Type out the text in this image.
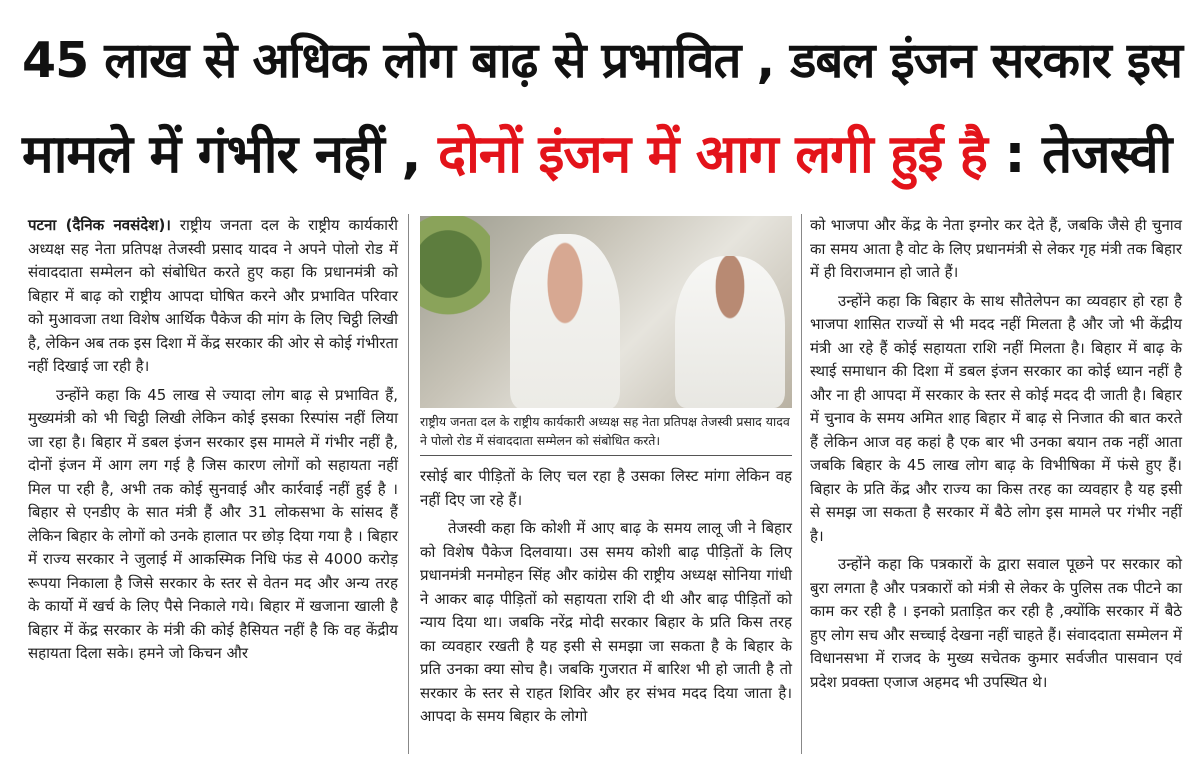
45 लाख से अधिक लोग बाढ़ से प्रभावित , डबल इंजन सरकार इस
मामले में गंभीर नहीं , दोनों इंजन में आग लगी हुई है : तेजस्वी

पटना (दैनिक नवसंदेश)। राष्ट्रीय जनता दल के राष्ट्रीय कार्यकारी अध्यक्ष सह नेता प्रतिपक्ष तेजस्वी प्रसाद यादव ने अपने पोलो रोड में संवाददाता सम्मेलन को संबोधित करते हुए कहा कि प्रधानमंत्री को बिहार में बाढ़ को राष्ट्रीय आपदा घोषित करने और प्रभावित परिवार को मुआवजा तथा विशेष आर्थिक पैकेज की मांग के लिए चिट्ठी लिखी है, लेकिन अब तक इस दिशा में केंद्र सरकार की ओर से कोई गंभीरता नहीं दिखाई जा रही है।

उन्होंने कहा कि 45 लाख से ज्यादा लोग बाढ़ से प्रभावित हैं, मुख्यमंत्री को भी चिट्ठी लिखी लेकिन कोई इसका रिस्पांस नहीं लिया जा रहा है। बिहार में डबल इंजन सरकार इस मामले में गंभीर नहीं है, दोनों इंजन में आग लग गई है जिस कारण लोगों को सहायता नहीं मिल पा रही है, अभी तक कोई सुनवाई और कार्रवाई नहीं हुई है । बिहार से एनडीए के सात मंत्री हैं और 31 लोकसभा के सांसद हैं लेकिन बिहार के लोगों को उनके हालात पर छोड़ दिया गया है । बिहार में राज्य सरकार ने जुलाई में आकस्मिक निधि फंड से 4000 करोड़ रूपया निकाला है जिसे सरकार के स्तर से वेतन मद और अन्य तरह के कार्यो में खर्च के लिए पैसे निकाले गये। बिहार में खजाना खाली है बिहार में केंद्र सरकार के मंत्री की कोई हैसियत नहीं है कि वह केंद्रीय सहायता दिला सके। हमने जो किचन और

राष्ट्रीय जनता दल के राष्ट्रीय कार्यकारी अध्यक्ष सह नेता प्रतिपक्ष तेजस्वी प्रसाद यादव ने पोलो रोड में संवाददाता सम्मेलन को संबोधित करते।

रसोई बार पीड़ितों के लिए चल रहा है उसका लिस्ट मांगा लेकिन वह नहीं दिए जा रहे हैं।

तेजस्वी कहा कि कोशी में आए बाढ़ के समय लालू जी ने बिहार को विशेष पैकेज दिलवाया। उस समय कोशी बाढ़ पीड़ितों के लिए प्रधानमंत्री मनमोहन सिंह और कांग्रेस की राष्ट्रीय अध्यक्ष सोनिया गांधी ने आकर बाढ़ पीड़ितों को सहायता राशि दी थी और बाढ़ पीड़ितों को न्याय दिया था। जबकि नरेंद्र मोदी सरकार बिहार के प्रति किस तरह का व्यवहार रखती है यह इसी से समझा जा सकता है के बिहार के प्रति उनका क्या सोच है। जबकि गुजरात में बारिश भी हो जाती है तो सरकार के स्तर से राहत शिविर और हर संभव मदद दिया जाता है। आपदा के समय बिहार के लोगो

को भाजपा और केंद्र के नेता इग्नोर कर देते हैं, जबकि जैसे ही चुनाव का समय आता है वोट के लिए प्रधानमंत्री से लेकर गृह मंत्री तक बिहार में ही विराजमान हो जाते हैं।

उन्होंने कहा कि बिहार के साथ सौतेलेपन का व्यवहार हो रहा है भाजपा शासित राज्यों से भी मदद नहीं मिलता है और जो भी केंद्रीय मंत्री आ रहे हैं कोई सहायता राशि नहीं मिलता है। बिहार में बाढ़ के स्थाई समाधान की दिशा में डबल इंजन सरकार का कोई ध्यान नहीं है और ना ही आपदा में सरकार के स्तर से कोई मदद दी जाती है। बिहार में चुनाव के समय अमित शाह बिहार में बाढ़ से निजात की बात करते हैं लेकिन आज वह कहां है एक बार भी उनका बयान तक नहीं आता जबकि बिहार के 45 लाख लोग बाढ़ के विभीषिका में फंसे हुए हैं।बिहार के प्रति केंद्र और राज्य का किस तरह का व्यवहार है यह इसी से समझ जा सकता है सरकार में बैठे लोग इस मामले पर गंभीर नहीं है।

उन्होंने कहा कि पत्रकारों के द्वारा सवाल पूछने पर सरकार को बुरा लगता है और पत्रकारों को मंत्री से लेकर के पुलिस तक पीटने का काम कर रही है । इनको प्रताड़ित कर रही है ,क्योंकि सरकार में बैठे हुए लोग सच और सच्चाई देखना नहीं चाहते हैं। संवाददाता सम्मेलन में विधानसभा में राजद के मुख्य सचेतक कुमार सर्वजीत पासवान एवं प्रदेश प्रवक्ता एजाज अहमद भी उपस्थित थे।
